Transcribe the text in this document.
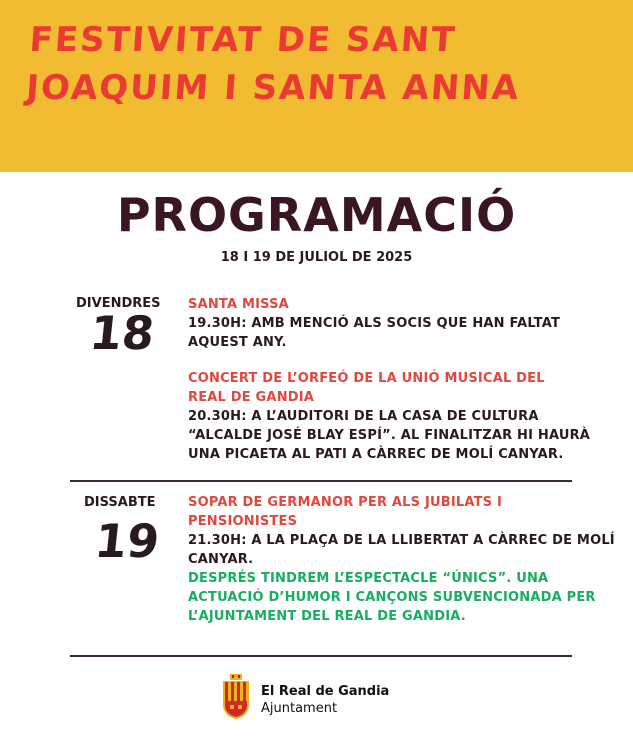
FESTIVITAT DE SANT
JOAQUIM I SANTA ANNA
PROGRAMACIÓ
18 I 19 DE JULIOL DE 2025
DIVENDRES
18
SANTA MISSA
19.30H: AMB MENCIÓ ALS SOCIS QUE HAN FALTAT
AQUEST ANY.
CONCERT DE L’ORFEÓ DE LA UNIÓ MUSICAL DEL
REAL DE GANDIA
20.30H: A L’AUDITORI DE LA CASA DE CULTURA
“ALCALDE JOSÉ BLAY ESPÍ”. AL FINALITZAR HI HAURÀ
UNA PICAETA AL PATI A CÀRREC DE MOLÍ CANYAR.
DISSABTE
19
SOPAR DE GERMANOR PER ALS JUBILATS I
PENSIONISTES
21.30H: A LA PLAÇA DE LA LLIBERTAT A CÀRREC DE MOLÍ
CANYAR.
DESPRÉS TINDREM L’ESPECTACLE “ÚNICS”. UNA
ACTUACIÓ D’HUMOR I CANÇONS SUBVENCIONADA PER
L’AJUNTAMENT DEL REAL DE GANDIA.
El Real de Gandia
Ajuntament
